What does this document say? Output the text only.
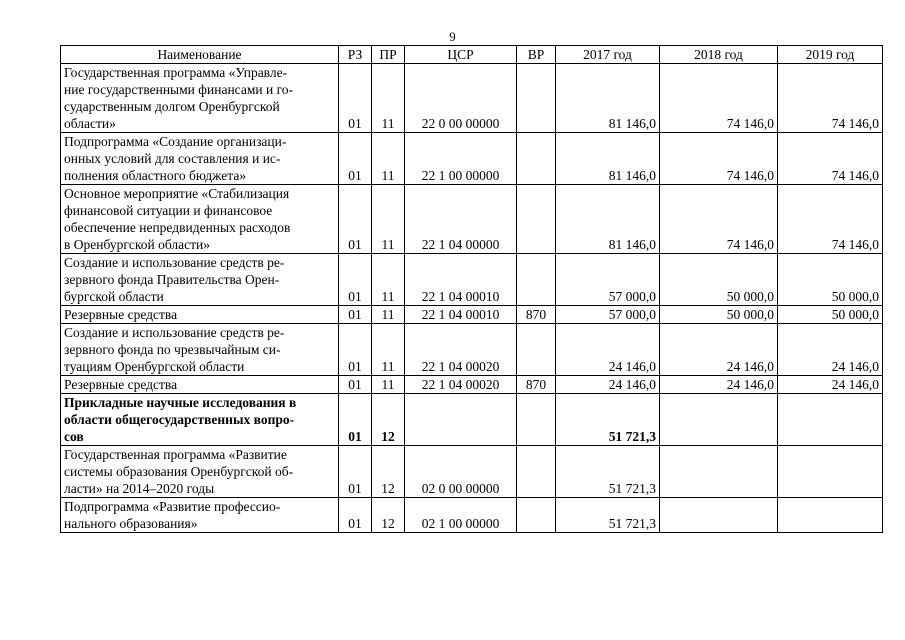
9
Наименование	РЗ	ПР	ЦСР	ВР	2017 год	2018 год	2019 год

Государственная программа «Управле-
ние государственными финансами и го-
сударственным долгом Оренбургской
области»	01	11	22 0 00 00000		81 146,0	74 146,0	74 146,0

Подпрограмма «Создание организаци-
онных условий для составления и ис-
полнения областного бюджета»	01	11	22 1 00 00000		81 146,0	74 146,0	74 146,0

Основное мероприятие «Стабилизация
финансовой ситуации и финансовое
обеспечение непредвиденных расходов
в Оренбургской области»	01	11	22 1 04 00000		81 146,0	74 146,0	74 146,0

Создание и использование средств ре-
зервного фонда Правительства Орен-
бургской области	01	11	22 1 04 00010		57 000,0	50 000,0	50 000,0

Резервные средства	01	11	22 1 04 00010	870	57 000,0	50 000,0	50 000,0

Создание и использование средств ре-
зервного фонда по чрезвычайным си-
туациям Оренбургской области	01	11	22 1 04 00020		24 146,0	24 146,0	24 146,0

Резервные средства	01	11	22 1 04 00020	870	24 146,0	24 146,0	24 146,0

Прикладные научные исследования в
области общегосударственных вопро-
сов	01	12			51 721,3		

Государственная программа «Развитие
системы образования Оренбургской об-
ласти» на 2014–2020 годы	01	12	02 0 00 00000		51 721,3		

Подпрограмма «Развитие профессио-
нального образования»	01	12	02 1 00 00000		51 721,3		
